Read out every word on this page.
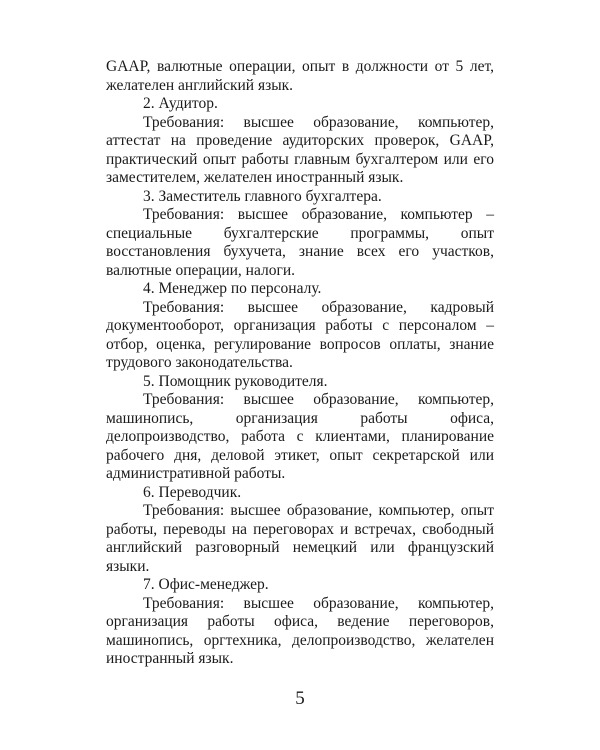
GAAP, валютные операции, опыт в должности от 5 лет, желателен английский язык.

2. Аудитор.

Требования: высшее образование, компьютер, аттестат на проведение аудиторских проверок, GAAP, практический опыт работы главным бухгалтером или его заместителем, желателен иностранный язык.

3. Заместитель главного бухгалтера.

Требования: высшее образование, компьютер – специальные бухгалтерские программы, опыт восстановления бухучета, знание всех его участков, валютные операции, налоги.

4. Менеджер по персоналу.

Требования: высшее образование, кадровый документооборот, организация работы с персоналом – отбор, оценка, регулирование вопросов оплаты, знание трудового законодательства.

5. Помощник руководителя.

Требования: высшее образование, компьютер, машинопись, организация работы офиса, делопроизводство, работа с клиентами, планирование рабочего дня, деловой этикет, опыт секретарской или административной работы.

6. Переводчик.

Требования: высшее образование, компьютер, опыт работы, переводы на переговорах и встречах, свободный английский разговорный немецкий или французский языки.

7. Офис-менеджер.

Требования: высшее образование, компьютер, организация работы офиса, ведение переговоров, машинопись, оргтехника, делопроизводство, желателен иностранный язык.

5
